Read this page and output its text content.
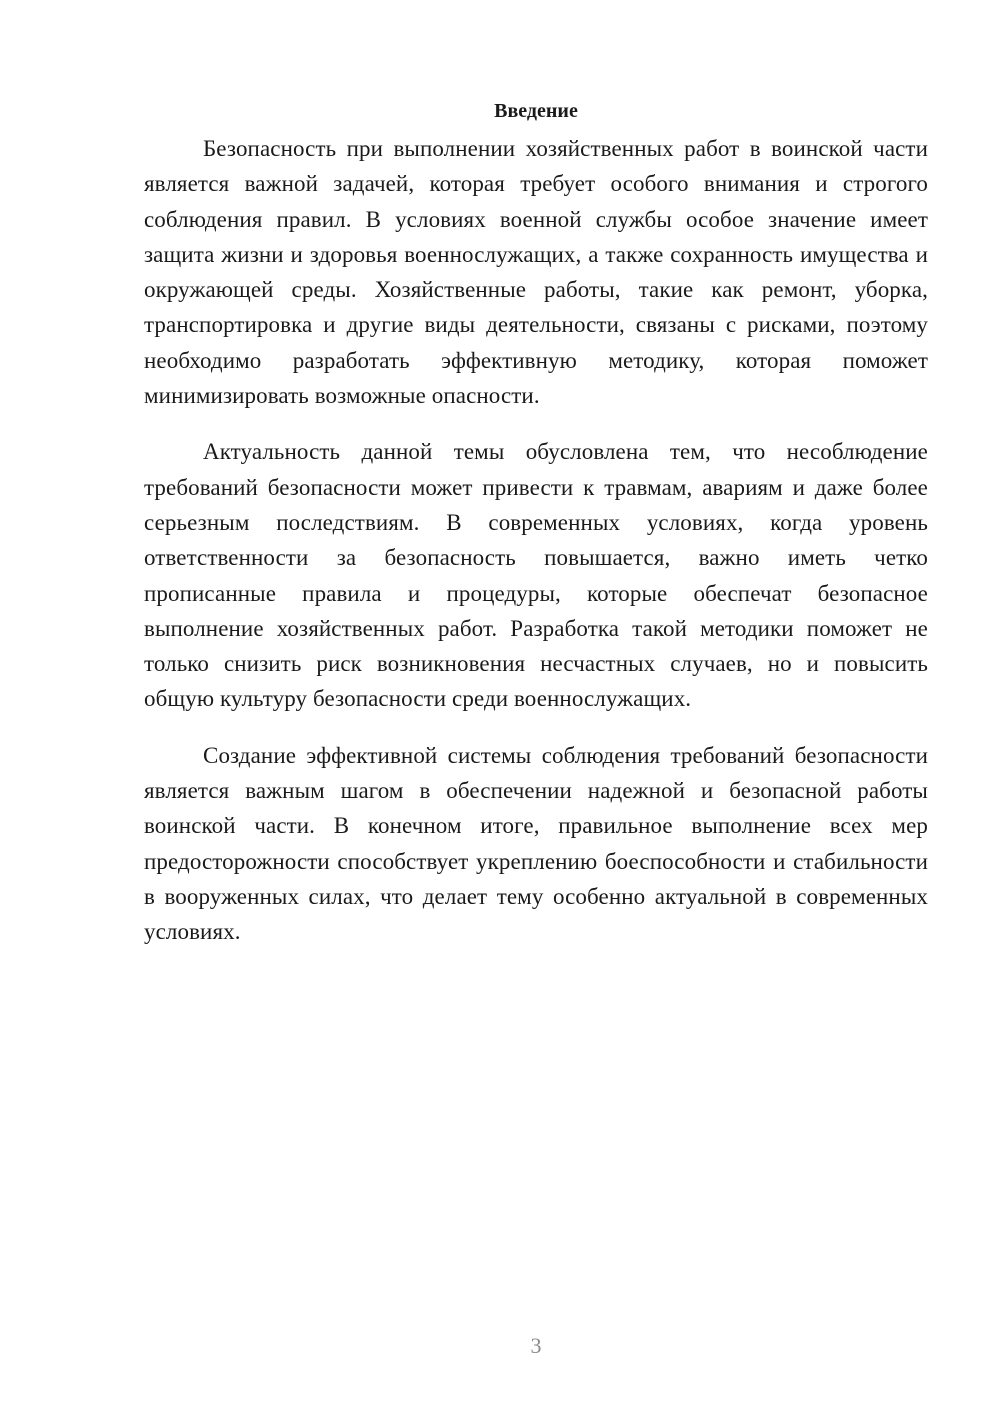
Введение

Безопасность при выполнении хозяйственных работ в воинской части является важной задачей, которая требует особого внимания и строгого соблюдения правил. В условиях военной службы особое значение имеет защита жизни и здоровья военнослужащих, а также сохранность имущества и окружающей среды. Хозяйственные работы, такие как ремонт, уборка, транспортировка и другие виды деятельности, связаны с рисками, поэтому необходимо разработать эффективную методику, которая поможет минимизировать возможные опасности.

Актуальность данной темы обусловлена тем, что несоблюдение требований безопасности может привести к травмам, авариям и даже более серьезным последствиям. В современных условиях, когда уровень ответственности за безопасность повышается, важно иметь четко прописанные правила и процедуры, которые обеспечат безопасное выполнение хозяйственных работ. Разработка такой методики поможет не только снизить риск возникновения несчастных случаев, но и повысить общую культуру безопасности среди военнослужащих.

Создание эффективной системы соблюдения требований безопасности является важным шагом в обеспечении надежной и безопасной работы воинской части. В конечном итоге, правильное выполнение всех мер предосторожности способствует укреплению боеспособности и стабильности в вооруженных силах, что делает тему особенно актуальной в современных условиях.

3
